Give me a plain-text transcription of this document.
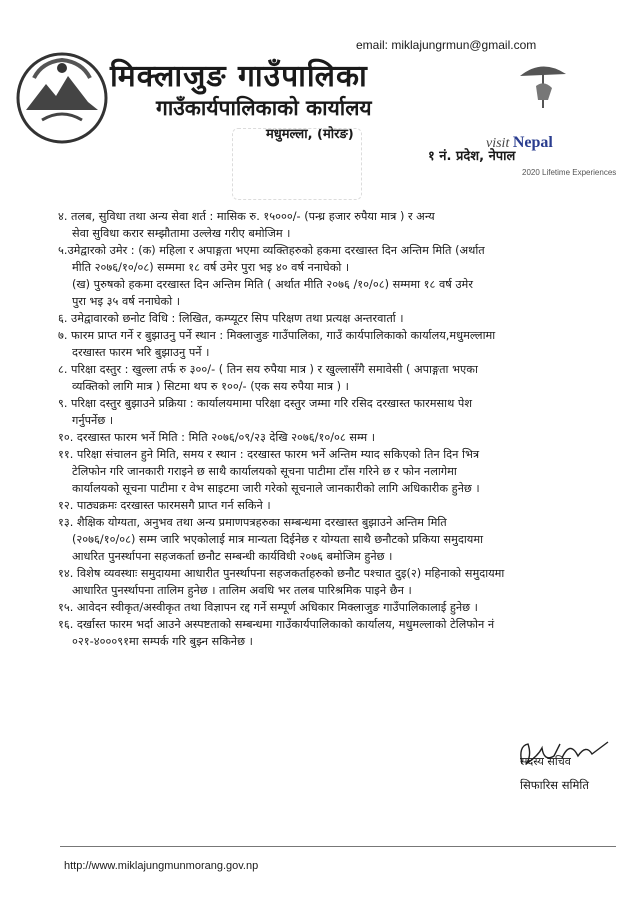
email: miklajungrmun@gmail.com
मिक्लाजुङ गाउँपालिका
गाउँकार्यपालिकाको कार्यालय
मधुमल्ला, (मोरङ)
१ नं. प्रदेश, नेपाल
visit Nepal
2020 Lifetime Experiences
४. तलब, सुविधा तथा अन्य सेवा शर्त : मासिक रु. १५०००/- (पन्ध्र हजार रुपैया मात्र ) र अन्य
सेवा सुविधा करार सम्झौतामा उल्लेख गरीए बमोजिम ।
५.उमेद्वारको उमेर : (क) महिला र अपाङ्गता भएमा व्यक्तिहरुको हकमा दरखास्त दिन अन्तिम मिति (अर्थात
मीति २०७६/१०/०८) सम्ममा १८ वर्ष उमेर पुरा भइ ४० वर्ष ननाघेको ।
(ख) पुरुषको हकमा दरखास्त दिन अन्तिम मिति ( अर्थात मीति २०७६ /१०/०८) सम्ममा १८ वर्ष उमेर
पुरा भइ ३५ वर्ष ननाघेको ।
६. उमेद्वावारको छनोट विधि : लिखित, कम्प्यूटर सिप परिक्षण तथा प्रत्यक्ष अन्तरवार्ता ।
७. फारम प्राप्त गर्ने र बुझाउनु पर्ने स्थान : मिक्लाजुङ गाउँपालिका, गाउँ कार्यपालिकाको कार्यालय,मधुमल्लामा
दरखास्त फारम भरि बुझाउनु पर्ने ।
८. परिक्षा दस्तुर : खुल्ला तर्फ रु ३००/- ( तिन सय रुपैया मात्र ) र खुल्लासँगै समावेसी ( अपाङ्गता भएका
व्यक्तिको लागि मात्र ) सिटमा थप रु १००/- (एक सय रुपैया मात्र ) ।
९. परिक्षा दस्तुर बुझाउने प्रक्रिया : कार्यालयमामा परिक्षा दस्तुर जम्मा गरि रसिद दरखास्त फारमसाथ पेश
गर्नुपर्नेछ ।
१०. दरखास्त फारम भर्ने मिति : मिति २०७६/०९/२३ देखि २०७६/१०/०८ सम्म ।
११. परिक्षा संचालन हुने मिति, समय र स्थान : दरखास्त फारम भर्ने अन्तिम म्याद सकिएको तिन दिन भित्र
टेलिफोन गरि जानकारी गराइने छ साथै कार्यालयको सूचना पाटीमा टाँस गरिने छ र फोन नलागेमा
कार्यालयको सूचना पाटीमा र वेभ साइटमा जारी गरेको सूचनाले जानकारीको लागि अधिकारीक हुनेछ ।
१२. पाठ्यक्रमः दरखास्त फारमसगै प्राप्त गर्न सकिने ।
१३. शैक्षिक योग्यता, अनुभव तथा अन्य प्रमाणपत्रहरुका सम्बन्धमा दरखास्त बुझाउने अन्तिम मिति
(२०७६/१०/०८) सम्म जारि भएकोलाई मात्र मान्यता दिईनेछ र योग्यता साथै छनौटको प्रकिया समुदायमा
आधरित पुनर्स्थापना सहजकर्ता छनौट सम्बन्धी कार्यविधी २०७६ बमोजिम हुनेछ ।
१४. विशेष व्यवस्थाः समुदायमा आधारीत पुनर्स्थापना सहजकर्ताहरुको छनौट पश्चात दुइ(२) महिनाको समुदायमा
आधारित पुनर्स्थापना तालिम हुनेछ । तालिम अवधि भर तलब पारिश्रमिक पाइने छैन ।
१५. आवेदन स्वीकृत/अस्वीकृत तथा विज्ञापन रद्द गर्ने सम्पूर्ण अधिकार मिक्लाजुङ गाउँपालिकालाई हुनेछ ।
१६. दर्खास्त फारम भर्दा आउने अस्पष्टताको सम्बन्धमा गाउँकार्यपालिकाको कार्यालय, मधुमल्लाको टेलिफोन नं
०२१-४०००९१मा सम्पर्क गरि बुझ्न सकिनेछ ।
सदस्य सचिव
सिफारिस समिति
http://www.miklajungmunmorang.gov.np
